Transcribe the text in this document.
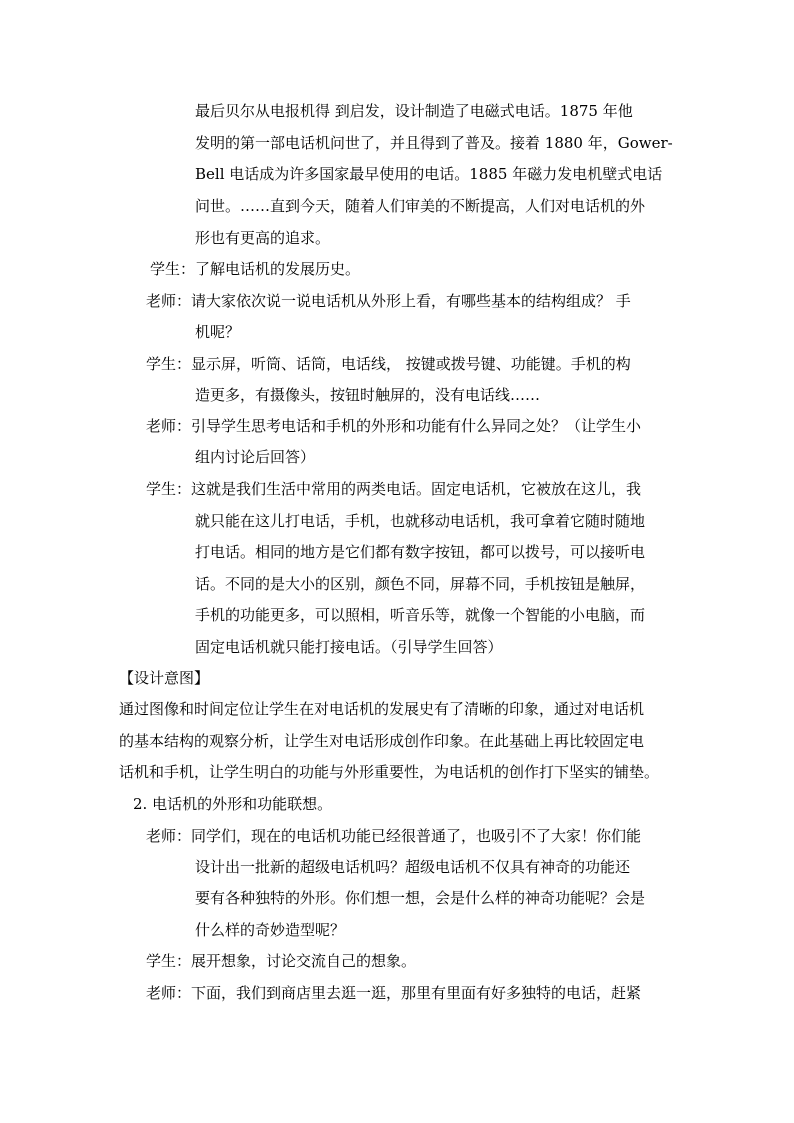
最后贝尔从电报机得 到启发，设计制造了电磁式电话。1875 年他
发明的第一部电话机问世了，并且得到了普及。接着 1880 年，Gower-
Bell 电话成为许多国家最早使用的电话。1885 年磁力发电机壁式电话
问世。……直到今天，随着人们审美的不断提高，人们对电话机的外
形也有更高的追求。
学生：了解电话机的发展历史。
老师：请大家依次说一说电话机从外形上看，有哪些基本的结构组成？ 手
机呢？
学生：显示屏，听筒、话筒，电话线， 按键或拨号键、功能键。手机的构
造更多，有摄像头，按钮时触屏的，没有电话线……
老师：引导学生思考电话和手机的外形和功能有什么异同之处？（让学生小
组内讨论后回答）
学生：这就是我们生活中常用的两类电话。固定电话机，它被放在这儿，我
就只能在这儿打电话，手机，也就移动电话机，我可拿着它随时随地
打电话。相同的地方是它们都有数字按钮，都可以拨号，可以接听电
话。不同的是大小的区别，颜色不同，屏幕不同，手机按钮是触屏，
手机的功能更多，可以照相，听音乐等，就像一个智能的小电脑，而
固定电话机就只能打接电话。（引导学生回答）
【设计意图】
通过图像和时间定位让学生在对电话机的发展史有了清晰的印象，通过对电话机
的基本结构的观察分析，让学生对电话形成创作印象。在此基础上再比较固定电
话机和手机，让学生明白的功能与外形重要性，为电话机的创作打下坚实的铺垫。
2. 电话机的外形和功能联想。
老师：同学们，现在的电话机功能已经很普通了，也吸引不了大家！你们能
设计出一批新的超级电话机吗？超级电话机不仅具有神奇的功能还
要有各种独特的外形。你们想一想，会是什么样的神奇功能呢？会是
什么样的奇妙造型呢？
学生：展开想象，讨论交流自己的想象。
老师：下面，我们到商店里去逛一逛，那里有里面有好多独特的电话，赶紧
